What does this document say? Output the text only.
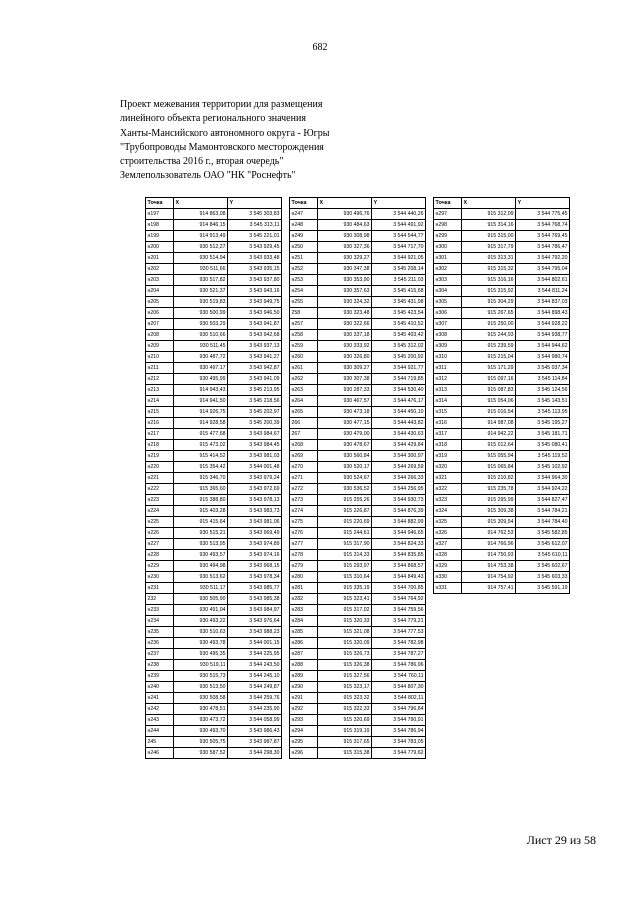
682
Проект межевания территории для размещения
линейного объекта регионального значения
Ханты-Мансийского автономного округа - Югры
"Трубопроводы Мамонтовского месторождения
строительства 2016 г., вторая очередь"
Землепользователь ОАО "НК "Роснефть"
Точка	X	Y
н197	914 863,08	3 545 303,83
н198	914 846,15	3 545 313,11
н199	914 913,49	3 545 221,01
н200	930 512,27	3 543 929,45
н201	930 514,94	3 543 933,48
н202	930 511,66	3 543 935,15
н203	930 517,82	3 543 937,80
н204	930 521,37	3 543 943,16
н205	930 519,83	3 543 949,75
н206	930 500,99	3 543 946,50
н207	930 503,29	3 543 941,87
н208	930 510,66	3 543 942,68
н209	930 511,45	3 543 937,13
н210	930 487,72	3 543 941,27
н211	930 497,17	3 543 942,87
н212	930 495,99	3 543 941,09
н213	914 943,43	3 545 213,95
н214	914 941,50	3 545 218,56
н215	914 926,75	3 545 202,97
н216	914 928,58	3 545 200,39
н217	915 477,68	3 543 984,67
н218	915 473,02	3 543 984,45
н219	915 414,52	3 543 981,03
н220	915 354,42	3 544 001,48
н221	915 346,70	3 543 979,24
н222	915 365,60	3 543 972,69
н223	915 388,80	3 543 978,13
н224	915 403,28	3 543 983,73
н225	915 415,64	3 543 981,06
н226	930 515,21	3 543 969,49
н227	930 513,95	3 543 974,89
н228	930 493,57	3 543 974,16
н229	930 494,98	3 543 968,15
н230	930 513,62	3 543 978,34
н231	930 511,17	3 543 985,77
232	930 505,90	3 543 985,38
н233	930 491,04	3 543 984,97
н234	930 493,22	3 543 976,64
н235	930 510,63	3 543 988,23
н236	930 493,78	3 544 001,15
н237	930 495,35	3 544 225,95
н238	930 519,11	3 544 243,50
н239	930 515,73	3 544 245,10
н240	930 513,50	3 544 249,87
н241	930 508,58	3 544 259,76
н242	930 478,51	3 544 235,90
н243	930 473,72	3 544 058,99
н244	930 493,70	3 543 986,43
245	930 505,75	3 543 987,87
н246	930 587,52	3 544 298,30
Точка	X	Y
н247	930 496,76	3 544 440,26
н248	930 484,63	3 544 491,92
н249	930 308,98	3 544 544,77
н250	930 327,36	3 544 717,70
н251	930 329,27	3 544 921,05
н252	930 347,38	3 545 208,14
н253	930 353,90	3 545 211,03
н254	930 357,63	3 545 415,68
н255	930 324,32	3 545 431,98
258	930 323,48	3 545 423,54
н257	930 322,66	3 545 410,52
н258	930 337,18	3 545 403,42
н259	930 333,92	3 545 312,02
н260	930 326,80	3 545 200,92
н261	930 309,27	3 544 921,77
н262	930 307,38	3 544 719,85
н263	930 287,33	3 544 530,40
н264	930 467,57	3 544 476,17
н265	930 473,18	3 544 450,10
266	930 477,15	3 544 443,82
267	930 479,00	3 544 430,63
н268	930 478,67	3 544 429,84
н269	930 560,84	3 544 300,97
н270	930 520,17	3 544 269,59
н271	930 524,67	3 544 266,33
н272	930 536,52	3 544 256,95
н273	915 255,26	3 544 930,73
н274	915 226,87	3 544 876,39
н275	915 220,69	3 544 882,99
н276	915 244,61	3 544 946,65
н277	915 317,90	3 544 824,33
н278	915 314,33	3 544 835,85
н279	915 293,97	3 544 868,57
н280	915 310,64	3 544 849,43
н281	915 335,19	3 544 700,85
н282	915 323,41	3 544 764,92
н283	915 317,02	3 544 759,56
н284	915 320,33	3 544 779,21
н285	915 321,08	3 544 777,53
н286	915 320,09	3 544 782,98
н287	915 326,73	3 544 787,27
н288	915 326,38	3 544 786,96
н289	915 327,56	3 544 760,11
н290	915 323,17	3 544 807,30
н291	915 323,32	3 544 802,11
н292	915 322,33	3 544 796,84
н293	915 320,69	3 544 790,91
н294	915 319,19	3 544 786,94
н295	915 317,65	3 544 783,05
н296	915 315,38	3 544 779,62
Точка	X	Y
н297	915 312,09	3 544 775,45
н298	915 314,16	3 544 768,74
н299	915 315,00	3 544 769,45
н300	915 317,79	3 544 786,47
н301	915 313,31	3 544 792,20
н302	915 315,32	3 544 795,04
н303	915 316,16	3 544 802,61
н304	915 315,92	3 544 811,24
н305	915 304,29	3 544 837,03
н306	915 267,65	3 544 898,43
н307	915 250,00	3 544 928,22
н308	915 244,93	3 544 938,77
н309	915 239,59	3 544 944,62
н310	915 215,04	3 544 980,74
н311	915 171,29	3 545 037,34
н312	915 097,16	3 545 114,84
н313	915 087,83	3 545 124,56
н314	915 054,06	3 545 143,51
н315	915 016,54	3 545 113,95
н316	914 987,08	3 545 195,27
н317	914 942,22	3 545 181,71
н318	915 012,64	3 545 080,41
н319	915 055,94	3 545 119,52
н320	915 065,84	3 545 102,92
н321	915 210,82	3 544 964,30
н322	915 235,78	3 544 924,22
н323	915 295,99	3 544 827,47
н324	915 309,38	3 544 784,21
н325	915 309,54	3 544 784,40
н326	914 762,53	3 545 582,85
н327	914 766,96	3 545 612,07
н328	914 750,93	3 545 610,11
н329	914 753,38	3 545 602,67
н330	914 754,92	3 545 603,33
н331	914 757,41	3 545 591,19
Лист 29 из 58
